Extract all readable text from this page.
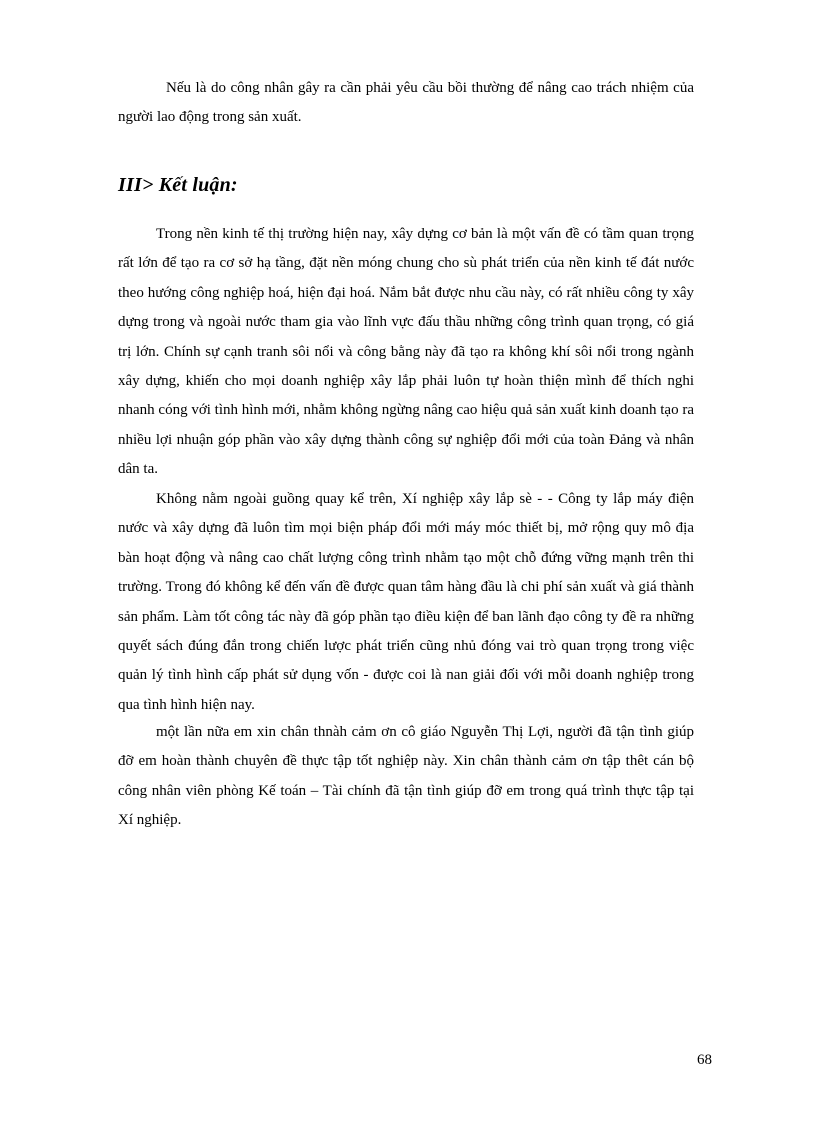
Nếu là do công nhân gây ra cần phải yêu cầu bồi thường để nâng cao trách nhiệm của người lao động trong sản xuất.

III> Kết luận:

Trong nền kinh tế thị trường hiện nay, xây dựng cơ bản là một vấn đề có tầm quan trọng rất lớn để tạo ra cơ sở hạ tầng, đặt nền móng chung cho sù phát triển của nền kinh tế đát nước theo hướng công nghiệp hoá, hiện đại hoá. Nắm bắt được nhu cầu này, có rất nhiều công ty xây dựng trong và ngoài nước tham gia vào lĩnh vực đấu thầu những công trình quan trọng, có giá trị lớn. Chính sự cạnh tranh sôi nổi và công bằng này đã tạo ra không khí sôi nổi trong ngành xây dựng, khiến cho mọi doanh nghiệp xây lắp phải luôn tự hoàn thiện mình để thích nghi nhanh cóng với tình hình mới, nhằm không ngừng nâng cao hiệu quả sản xuất kinh doanh tạo ra nhiều lợi nhuận góp phần vào xây dựng thành công sự nghiệp đổi mới của toàn Đảng và nhân dân ta.

Không nằm ngoài guồng quay kể trên, Xí nghiệp xây lắp sè - - Công ty lắp máy điện nước và xây dựng đã luôn tìm mọi biện pháp đổi mới máy móc thiết bị, mở rộng quy mô địa bàn hoạt động và nâng cao chất lượng công trình nhằm tạo một chỗ đứng vững mạnh trên thi trường. Trong đó không kể đến vấn đề được quan tâm hàng đầu là chi phí sản xuất và giá thành sản phẩm. Làm tốt công tác này đã góp phần tạo điều kiện để ban lãnh đạo công ty đề ra những quyết sách đúng đắn trong chiến lược phát triển cũng nhủ đóng vai trò quan trọng trong việc quản lý tình hình cấp phát sử dụng vốn - được coi là nan giải đối với mỗi doanh nghiệp trong qua tình hình hiện nay.

một lần nữa em xin chân thnàh cảm ơn cô giáo Nguyễn Thị Lợi, người đã tận tình giúp đỡ em hoàn thành chuyên đề thực tập tốt nghiệp này. Xin chân thành cảm ơn tập thêt cán bộ công nhân viên phòng Kế toán – Tài chính đã tận tình giúp đỡ em trong quá trình thực tập tại Xí nghiệp.

68
